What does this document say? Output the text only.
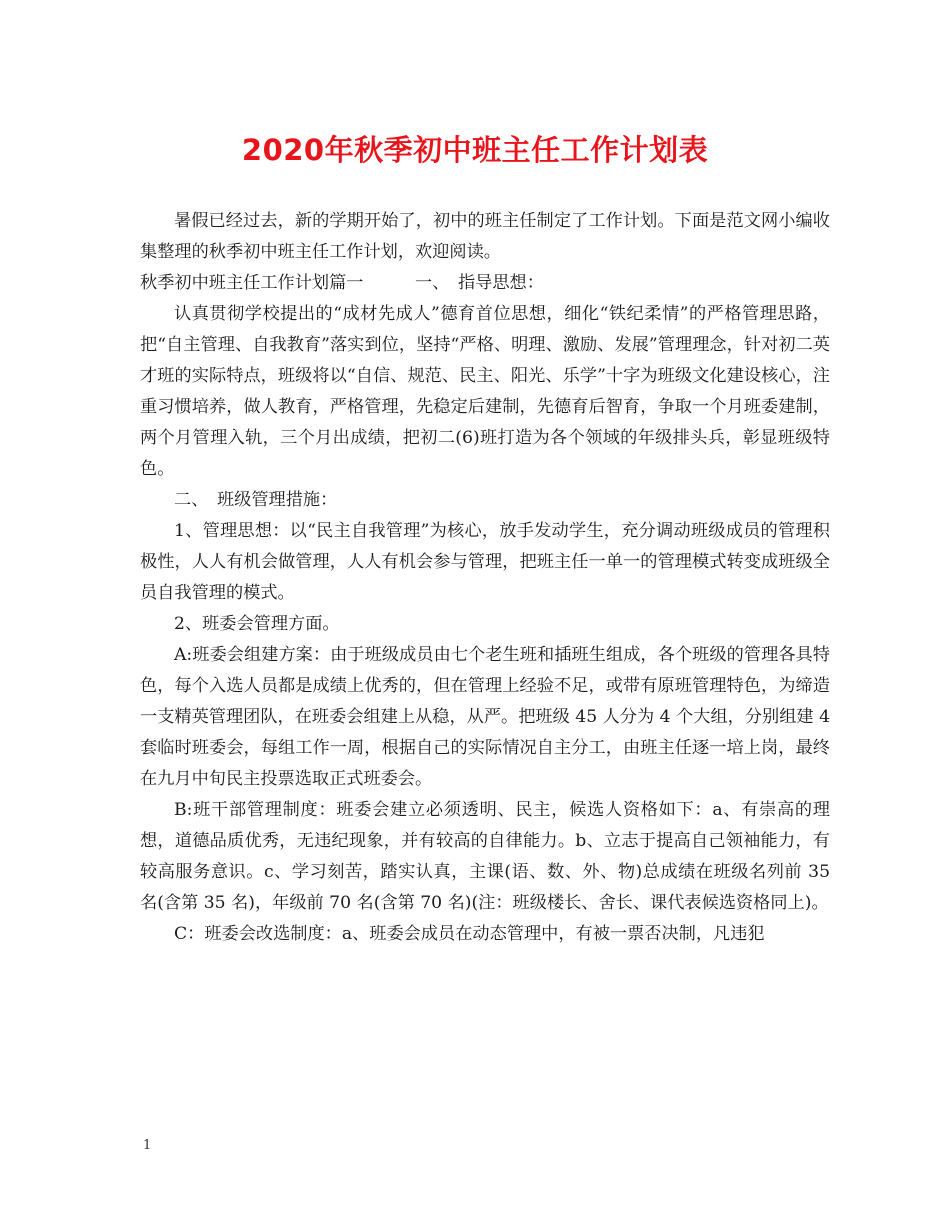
2020年秋季初中班主任工作计划表

暑假已经过去，新的学期开始了，初中的班主任制定了工作计划。下面是范文网小编收集整理的秋季初中班主任工作计划，欢迎阅读。

秋季初中班主任工作计划篇一　　　一、　指导思想：

认真贯彻学校提出的“成材先成人”德育首位思想，细化“铁纪柔情”的严格管理思路，把“自主管理、自我教育”落实到位，坚持“严格、明理、激励、发展”管理理念，针对初二英才班的实际特点，班级将以“自信、规范、民主、阳光、乐学”十字为班级文化建设核心，注重习惯培养，做人教育，严格管理，先稳定后建制，先德育后智育，争取一个月班委建制，两个月管理入轨，三个月出成绩，把初二(6)班打造为各个领域的年级排头兵，彰显班级特色。

二、　班级管理措施：

1、管理思想：以“民主自我管理”为核心，放手发动学生，充分调动班级成员的管理积极性，人人有机会做管理，人人有机会参与管理，把班主任一单一的管理模式转变成班级全员自我管理的模式。

2、班委会管理方面。

A:班委会组建方案：由于班级成员由七个老生班和插班生组成，各个班级的管理各具特色，每个入选人员都是成绩上优秀的，但在管理上经验不足，或带有原班管理特色，为缔造一支精英管理团队，在班委会组建上从稳，从严。把班级 45 人分为 4 个大组，分别组建 4 套临时班委会，每组工作一周，根据自己的实际情况自主分工，由班主任逐一培上岗，最终在九月中旬民主投票选取正式班委会。

B:班干部管理制度：班委会建立必须透明、民主，候选人资格如下：a、有崇高的理想，道德品质优秀，无违纪现象，并有较高的自律能力。b、立志于提高自己领袖能力，有较高服务意识。c、学习刻苦，踏实认真，主课(语、数、外、物)总成绩在班级名列前 35 名(含第 35 名)，年级前 70 名(含第 70 名)(注：班级楼长、舍长、课代表候选资格同上)。

C：班委会改选制度：a、班委会成员在动态管理中，有被一票否决制，凡违犯

1
